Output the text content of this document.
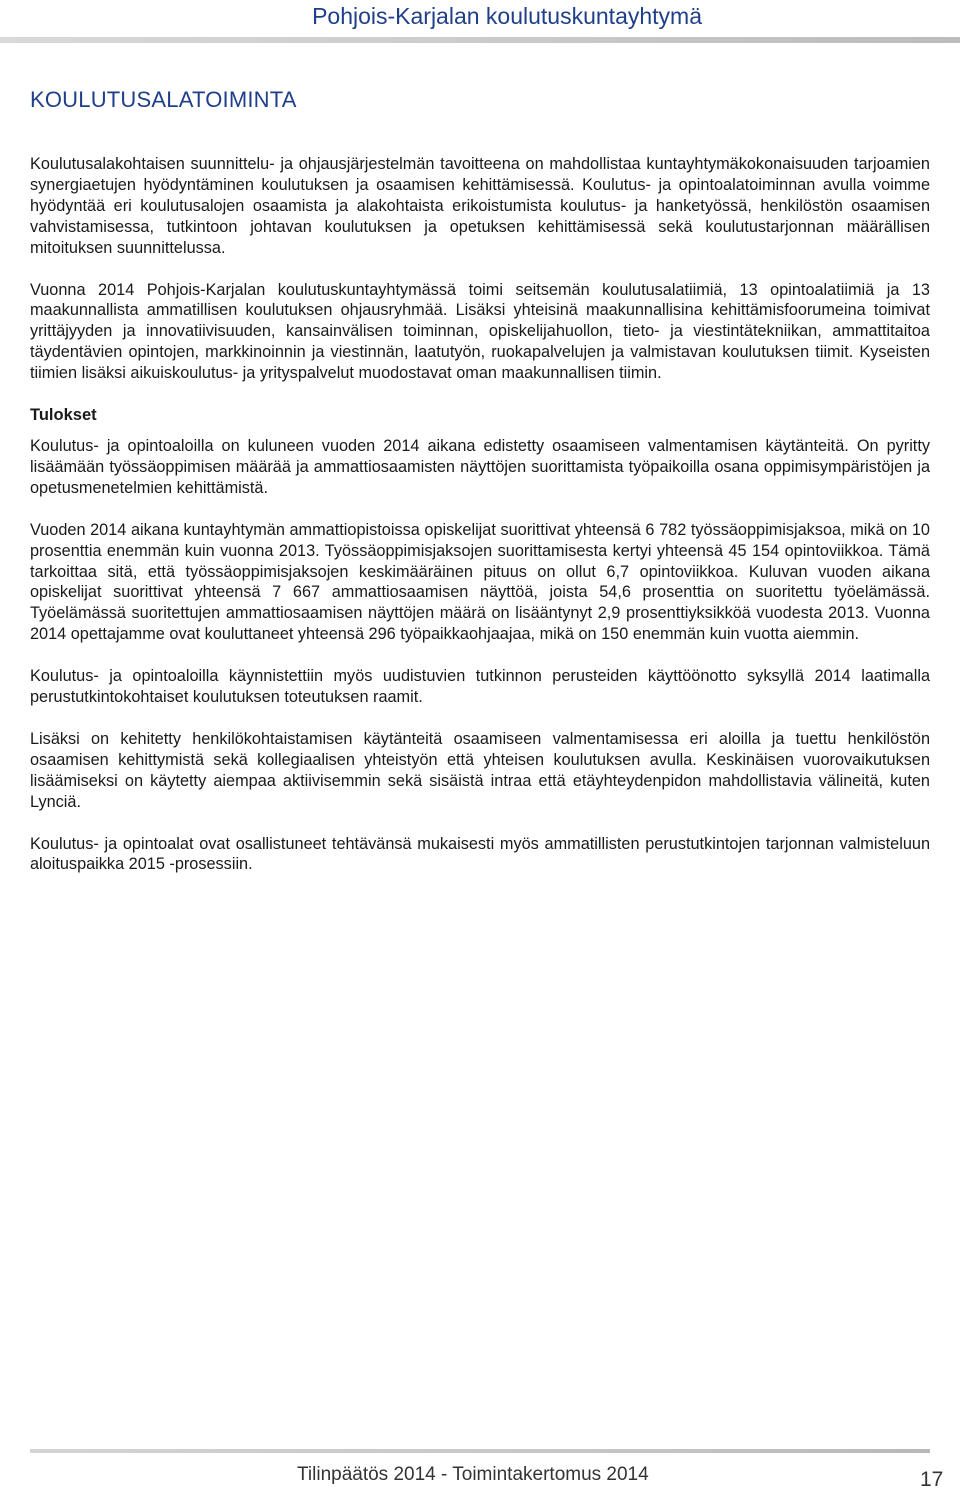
Pohjois-Karjalan koulutuskuntayhtymä
KOULUTUSALATOIMINTA

Koulutusalakohtaisen suunnittelu- ja ohjausjärjestelmän tavoitteena on mahdollistaa kuntayhtymäkokonaisuuden tarjoamien synergiaetujen hyödyntäminen koulutuksen ja osaamisen kehittämisessä. Koulutus- ja opintoalatoiminnan avulla voimme hyödyntää eri koulutusalojen osaamista ja alakohtaista erikoistumista koulutus- ja hanketyössä, henkilöstön osaamisen vahvistamisessa, tutkintoon johtavan koulutuksen ja opetuksen kehittämisessä sekä koulutustarjonnan määrällisen mitoituksen suunnittelussa.

Vuonna 2014 Pohjois-Karjalan koulutuskuntayhtymässä toimi seitsemän koulutusalatiimiä, 13 opintoalatiimiä ja 13 maakunnallista ammatillisen koulutuksen ohjausryhmää. Lisäksi yhteisinä maakunnallisina kehittämisfoorumeina toimivat yrittäjyyden ja innovatiivisuuden, kansainvälisen toiminnan, opiskelijahuollon, tieto- ja viestintätekniikan, ammattitaitoa täydentävien opintojen, markkinoinnin ja viestinnän, laatutyön, ruokapalvelujen ja valmistavan koulutuksen tiimit. Kyseisten tiimien lisäksi aikuiskoulutus- ja yrityspalvelut muodostavat oman maakunnallisen tiimin.

Tulokset

Koulutus- ja opintoaloilla on kuluneen vuoden 2014 aikana edistetty osaamiseen valmentamisen käytänteitä. On pyritty lisäämään työssäoppimisen määrää ja ammattiosaamisten näyttöjen suorittamista työpaikoilla osana oppimisympäristöjen ja opetusmenetelmien kehittämistä.

Vuoden 2014 aikana kuntayhtymän ammattiopistoissa opiskelijat suorittivat yhteensä 6 782 työssäoppimisjaksoa, mikä on 10 prosenttia enemmän kuin vuonna 2013. Työssäoppimisjaksojen suorittamisesta kertyi yhteensä 45 154 opintoviikkoa. Tämä tarkoittaa sitä, että työssäoppimisjaksojen keskimääräinen pituus on ollut 6,7 opintoviikkoa. Kuluvan vuoden aikana opiskelijat suorittivat yhteensä 7 667 ammattiosaamisen näyttöä, joista 54,6 prosenttia on suoritettu työelämässä. Työelämässä suoritettujen ammattiosaamisen näyttöjen määrä on lisääntynyt 2,9 prosenttiyksikköä vuodesta 2013. Vuonna 2014 opettajamme ovat kouluttaneet yhteensä 296 työpaikkaohjaajaa, mikä on 150 enemmän kuin vuotta aiemmin.

Koulutus- ja opintoaloilla käynnistettiin myös uudistuvien tutkinnon perusteiden käyttöönotto syksyllä 2014 laatimalla perustutkintokohtaiset koulutuksen toteutuksen raamit.

Lisäksi on kehitetty henkilökohtaistamisen käytänteitä osaamiseen valmentamisessa eri aloilla ja tuettu henkilöstön osaamisen kehittymistä sekä kollegiaalisen yhteistyön että yhteisen koulutuksen avulla. Keskinäisen vuorovaikutuksen lisäämiseksi on käytetty aiempaa aktiivisemmin sekä sisäistä intraa että etäyhteydenpidon mahdollistavia välineitä, kuten Lynciä.

Koulutus- ja opintoalat ovat osallistuneet tehtävänsä mukaisesti myös ammatillisten perustutkintojen tarjonnan valmisteluun aloituspaikka 2015 -prosessiin.

Tilinpäätös 2014 - Toimintakertomus 2014	17
